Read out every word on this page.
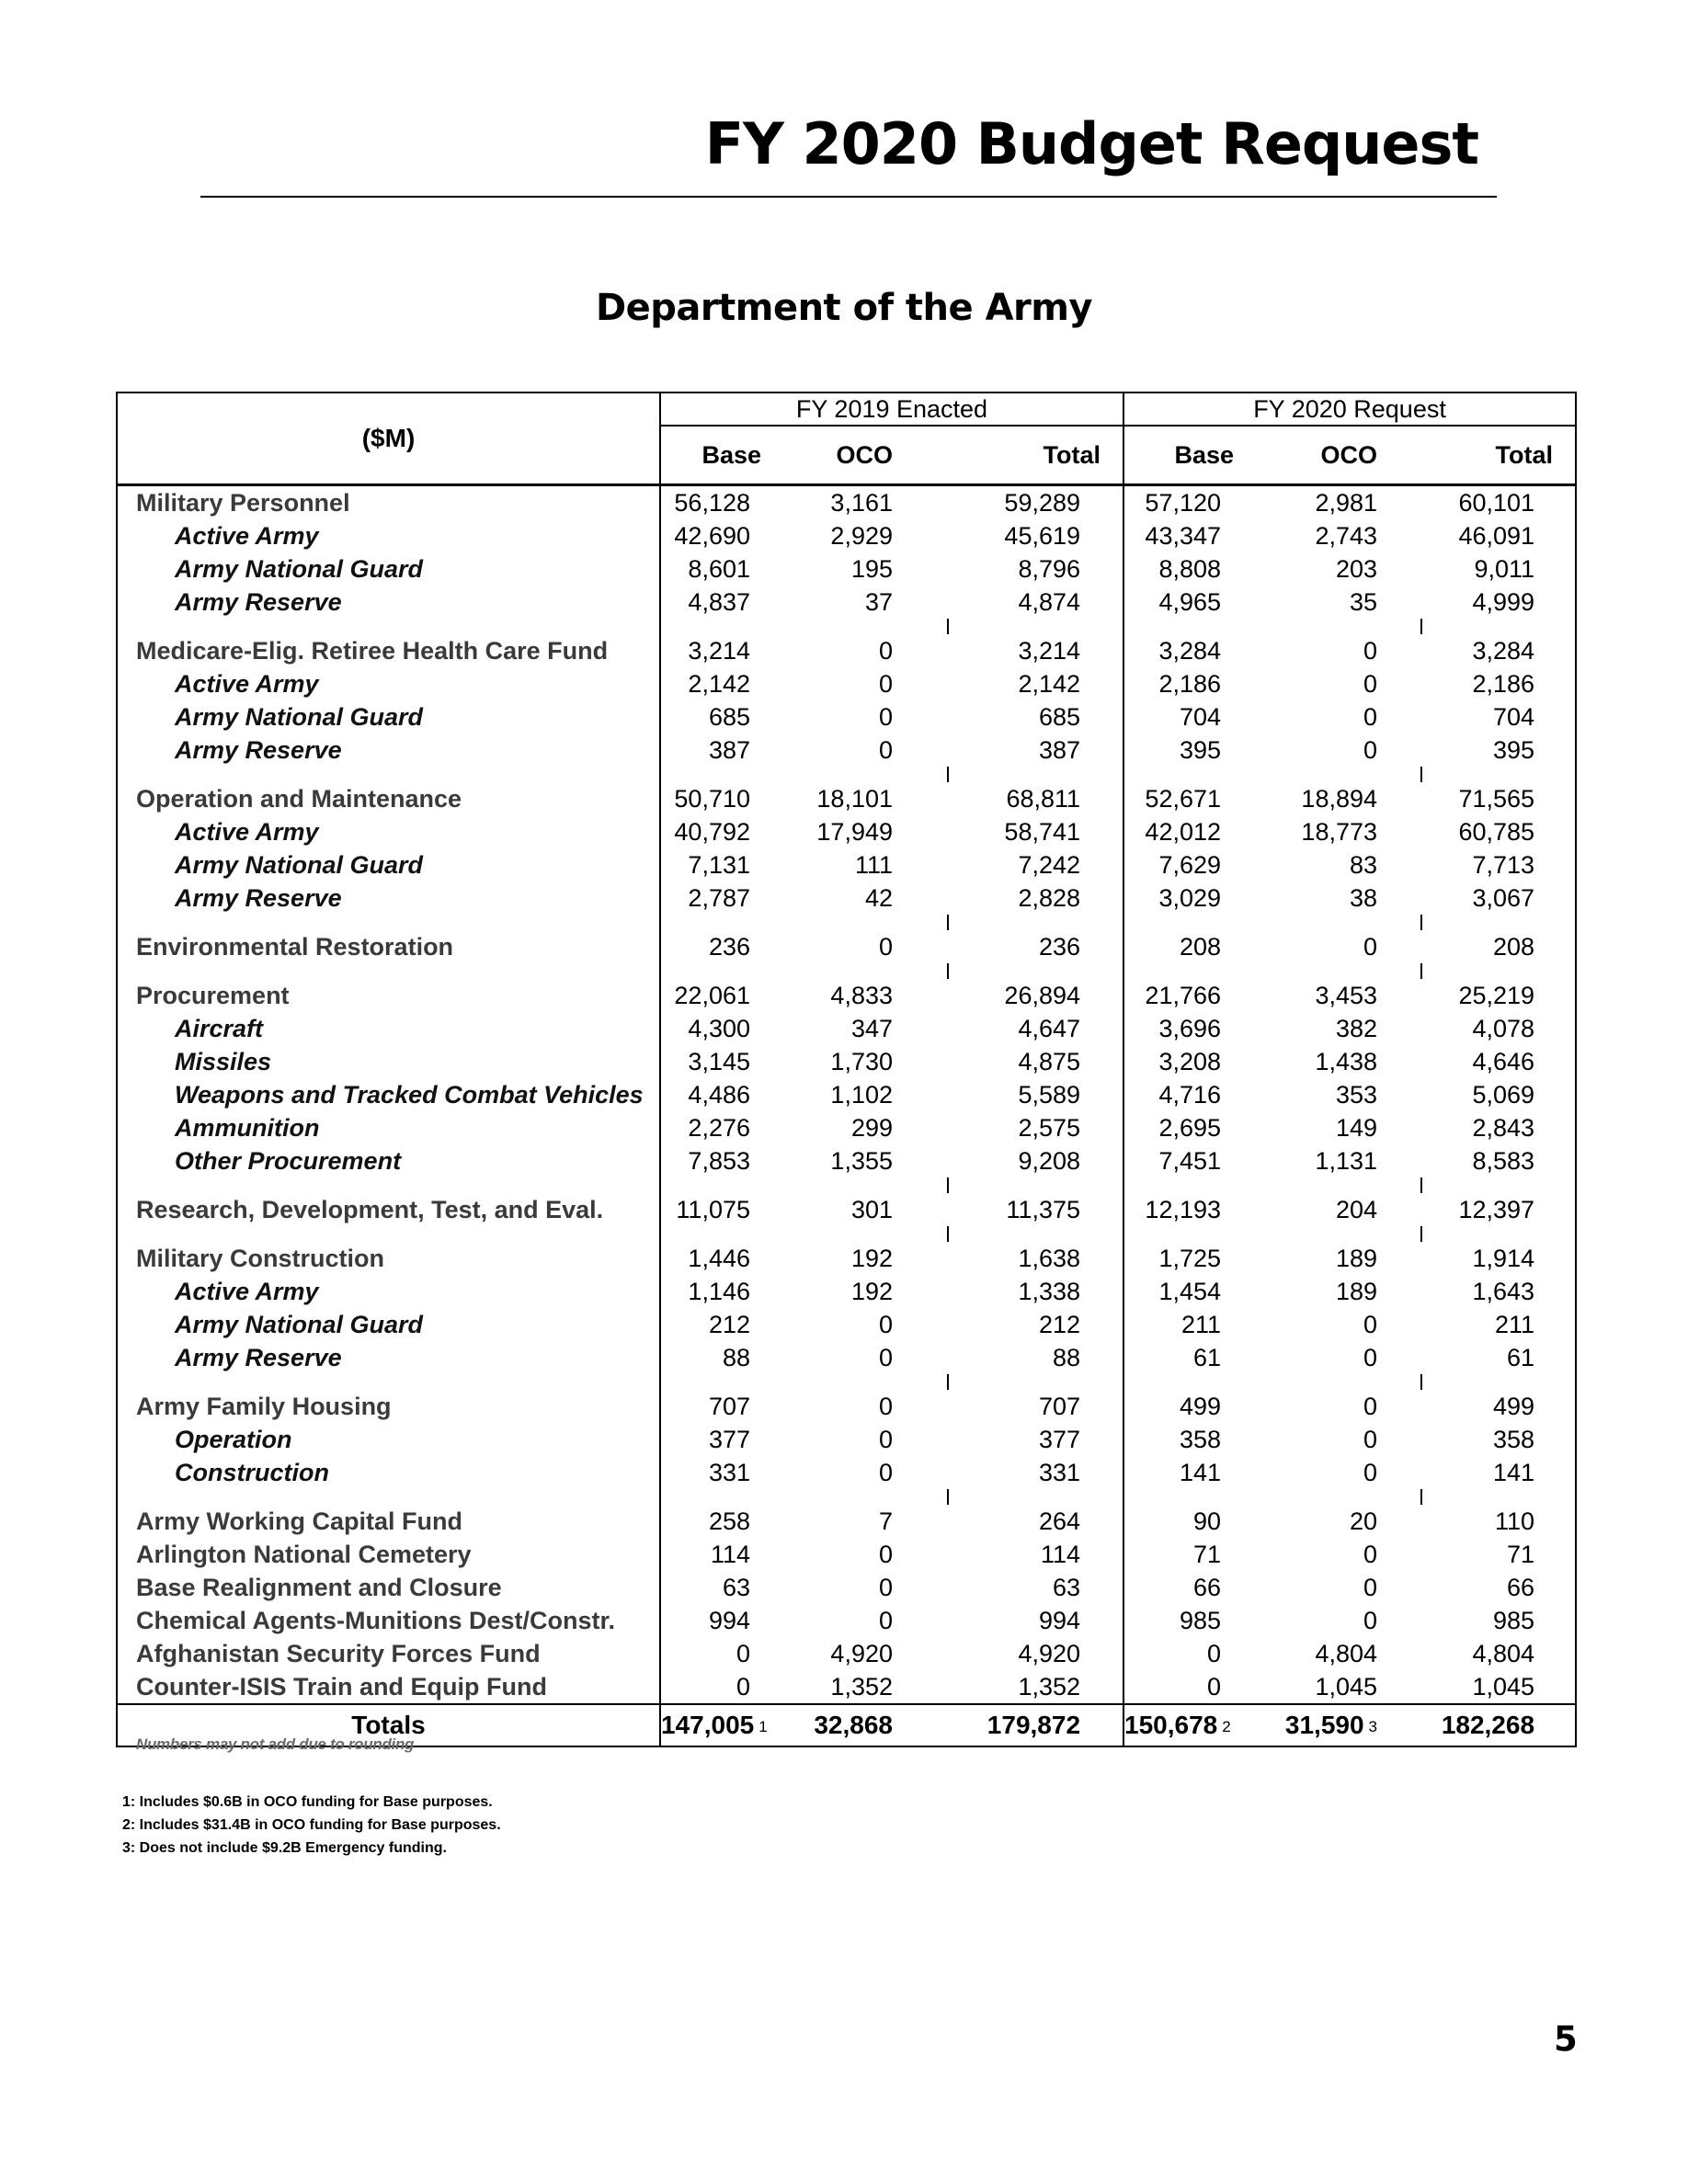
FY 2020 Budget Request
Department of the Army
($M)	FY 2019 Enacted			FY 2020 Request		
	Base	OCO	Total	Base	OCO	Total
Military Personnel	56,128	3,161	59,289	57,120	2,981	60,101
Active Army	42,690	2,929	45,619	43,347	2,743	46,091
Army National Guard	8,601	195	8,796	8,808	203	9,011
Army Reserve	4,837	37	4,874	4,965	35	4,999

Medicare-Elig. Retiree Health Care Fund	3,214	0	3,214	3,284	0	3,284
Active Army	2,142	0	2,142	2,186	0	2,186
Army National Guard	685	0	685	704	0	704
Army Reserve	387	0	387	395	0	395

Operation and Maintenance	50,710	18,101	68,811	52,671	18,894	71,565
Active Army	40,792	17,949	58,741	42,012	18,773	60,785
Army National Guard	7,131	111	7,242	7,629	83	7,713
Army Reserve	2,787	42	2,828	3,029	38	3,067

Environmental Restoration	236	0	236	208	0	208

Procurement	22,061	4,833	26,894	21,766	3,453	25,219
Aircraft	4,300	347	4,647	3,696	382	4,078
Missiles	3,145	1,730	4,875	3,208	1,438	4,646
Weapons and Tracked Combat Vehicles	4,486	1,102	5,589	4,716	353	5,069
Ammunition	2,276	299	2,575	2,695	149	2,843
Other Procurement	7,853	1,355	9,208	7,451	1,131	8,583

Research, Development, Test, and Eval.	11,075	301	11,375	12,193	204	12,397

Military Construction	1,446	192	1,638	1,725	189	1,914
Active Army	1,146	192	1,338	1,454	189	1,643
Army National Guard	212	0	212	211	0	211
Army Reserve	88	0	88	61	0	61

Army Family Housing	707	0	707	499	0	499
Operation	377	0	377	358	0	358
Construction	331	0	331	141	0	141

Army Working Capital Fund	258	7	264	90	20	110
Arlington National Cemetery	114	0	114	71	0	71
Base Realignment and Closure	63	0	63	66	0	66
Chemical Agents-Munitions Dest/Constr.	994	0	994	985	0	985
Afghanistan Security Forces Fund	0	4,920	4,920	0	4,804	4,804
Counter-ISIS Train and Equip Fund	0	1,352	1,352	0	1,045	1,045
Totals	147,005 1	32,868	179,872	150,678 2	31,590 3	182,268
Numbers may not add due to rounding
1: Includes $0.6B in OCO funding for Base purposes.
2: Includes $31.4B in OCO funding for Base purposes.
3: Does not include $9.2B Emergency funding.
5
